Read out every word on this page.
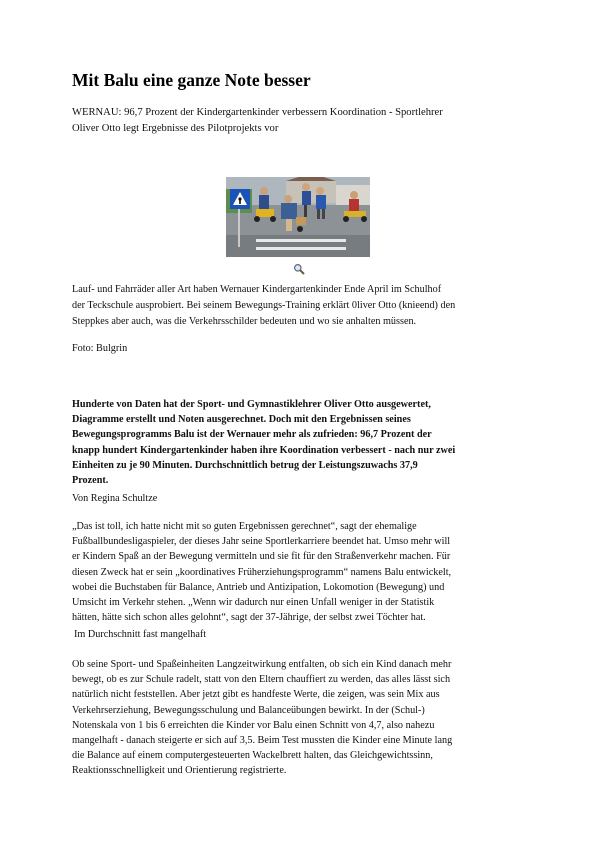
Mit Balu eine ganze Note besser

WERNAU: 96,7 Prozent der Kindergartenkinder verbessern Koordination - Sportlehrer
Oliver Otto legt Ergebnisse des Pilotprojekts vor

Lauf- und Fahrräder aller Art haben Wernauer Kindergartenkinder Ende April im Schulhof
der Teckschule ausprobiert. Bei seinem Bewegungs-Training erklärt 0liver Otto (knieend) den
Steppkes aber auch, was die Verkehrsschilder bedeuten und wo sie anhalten müssen.

Foto: Bulgrin

Hunderte von Daten hat der Sport- und Gymnastiklehrer Oliver Otto ausgewertet,
Diagramme erstellt und Noten ausgerechnet. Doch mit den Ergebnissen seines
Bewegungsprogramms Balu ist der Wernauer mehr als zufrieden: 96,7 Prozent der
knapp hundert Kindergartenkinder haben ihre Koordination verbessert - nach nur zwei
Einheiten zu je 90 Minuten. Durchschnittlich betrug der Leistungszuwachs 37,9
Prozent.

Von Regina Schultze

„Das ist toll, ich hatte nicht mit so guten Ergebnissen gerechnet“, sagt der ehemalige
Fußballbundesligaspieler, der dieses Jahr seine Sportlerkarriere beendet hat. Umso mehr will
er Kindern Spaß an der Bewegung vermitteln und sie fit für den Straßenverkehr machen. Für
diesen Zweck hat er sein „koordinatives Früherziehungsprogramm“ namens Balu entwickelt,
wobei die Buchstaben für Balance, Antrieb und Antizipation, Lokomotion (Bewegung) und
Umsicht im Verkehr stehen. „Wenn wir dadurch nur einen Unfall weniger in der Statistik
hätten, hätte sich schon alles gelohnt“, sagt der 37-Jährige, der selbst zwei Töchter hat.

Im Durchschnitt fast mangelhaft

Ob seine Sport- und Spaßeinheiten Langzeitwirkung entfalten, ob sich ein Kind danach mehr
bewegt, ob es zur Schule radelt, statt von den Eltern chauffiert zu werden, das alles lässt sich
natürlich nicht feststellen. Aber jetzt gibt es handfeste Werte, die zeigen, was sein Mix aus
Verkehrserziehung, Bewegungsschulung und Balanceübungen bewirkt. In der (Schul-)
Notenskala von 1 bis 6 erreichten die Kinder vor Balu einen Schnitt von 4,7, also nahezu
mangelhaft - danach steigerte er sich auf 3,5. Beim Test mussten die Kinder eine Minute lang
die Balance auf einem computergesteuerten Wackelbrett halten, das Gleichgewichtssinn,
Reaktionsschnelligkeit und Orientierung registrierte.
